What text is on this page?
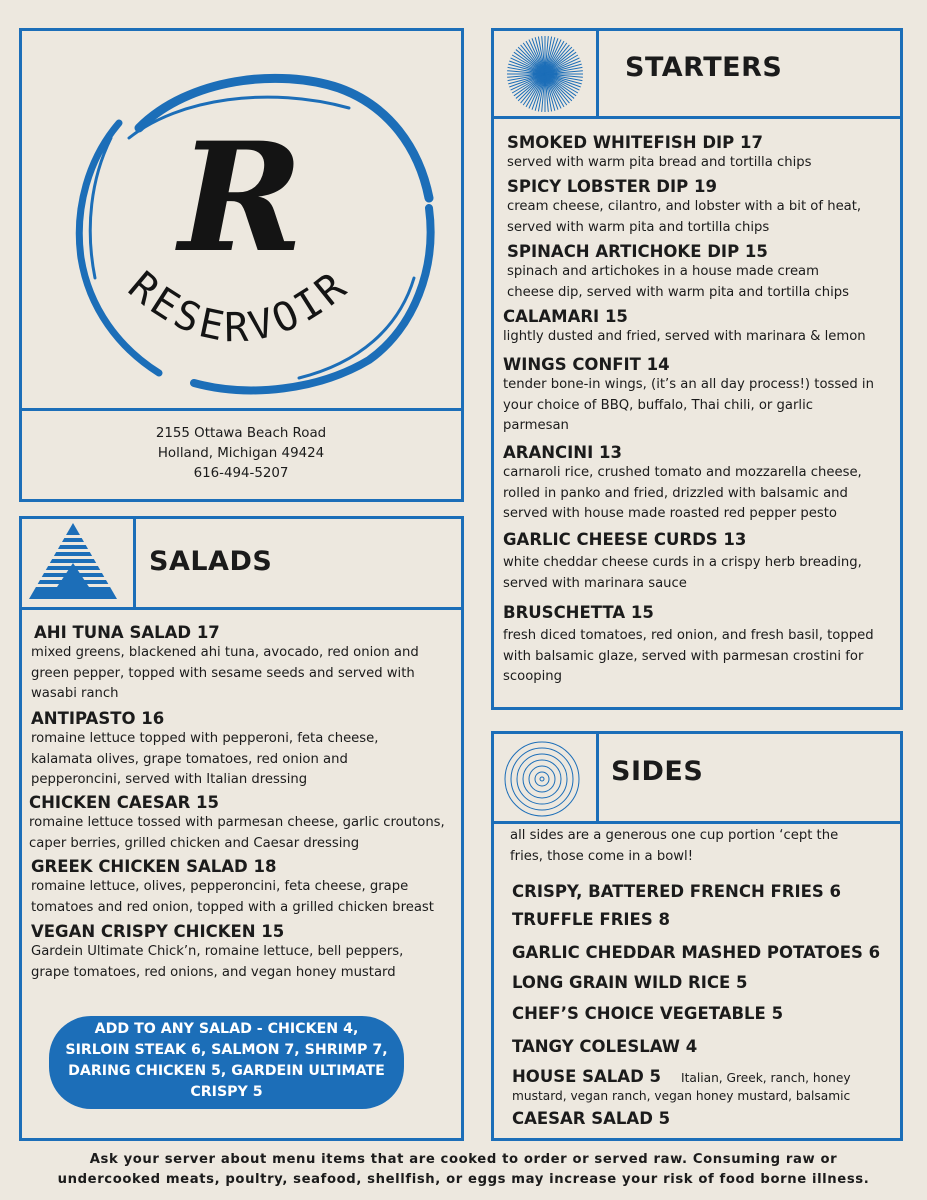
R
RESERVOIR
2155 Ottawa Beach Road
Holland, Michigan 49424
616-494-5207
STARTERS
SMOKED WHITEFISH DIP 17
served with warm pita bread and tortilla chips
SPICY LOBSTER DIP 19
cream cheese, cilantro, and lobster with a bit of heat, served with warm pita and tortilla chips
SPINACH ARTICHOKE DIP 15
spinach and artichokes in a house made cream cheese dip, served with warm pita and tortilla chips
CALAMARI 15
lightly dusted and fried, served with marinara & lemon
WINGS CONFIT 14
tender bone-in wings, (it’s an all day process!) tossed in your choice of BBQ, buffalo, Thai chili, or garlic parmesan
ARANCINI 13
carnaroli rice, crushed tomato and mozzarella cheese, rolled in panko and fried, drizzled with balsamic and served with house made roasted red pepper pesto
GARLIC CHEESE CURDS 13
white cheddar cheese curds in a crispy herb breading, served with marinara sauce
BRUSCHETTA 15
fresh diced tomatoes, red onion, and fresh basil, topped with balsamic glaze, served with parmesan crostini for scooping
SALADS
AHI TUNA SALAD 17
mixed greens, blackened ahi tuna, avocado, red onion and green pepper, topped with sesame seeds and served with wasabi ranch
ANTIPASTO 16
romaine lettuce topped with pepperoni, feta cheese, kalamata olives, grape tomatoes, red onion and pepperoncini, served with Italian dressing
CHICKEN CAESAR 15
romaine lettuce tossed with parmesan cheese, garlic croutons, caper berries, grilled chicken and Caesar dressing
GREEK CHICKEN SALAD 18
romaine lettuce, olives, pepperoncini, feta cheese, grape tomatoes and red onion, topped with a grilled chicken breast
VEGAN CRISPY CHICKEN 15
Gardein Ultimate Chick’n, romaine lettuce, bell peppers, grape tomatoes, red onions, and vegan honey mustard
ADD TO ANY SALAD - CHICKEN 4, SIRLOIN STEAK 6, SALMON 7, SHRIMP 7, DARING CHICKEN 5, GARDEIN ULTIMATE CRISPY 5
SIDES
all sides are a generous one cup portion ‘cept the fries, those come in a bowl!
CRISPY, BATTERED FRENCH FRIES 6
TRUFFLE FRIES 8
GARLIC CHEDDAR MASHED POTATOES 6
LONG GRAIN WILD RICE 5
CHEF’S CHOICE VEGETABLE 5
TANGY COLESLAW 4
HOUSE SALAD 5 Italian, Greek, ranch, honey mustard, vegan ranch, vegan honey mustard, balsamic
CAESAR SALAD 5
Ask your server about menu items that are cooked to order or served raw. Consuming raw or
undercooked meats, poultry, seafood, shellfish, or eggs may increase your risk of food borne illness.
